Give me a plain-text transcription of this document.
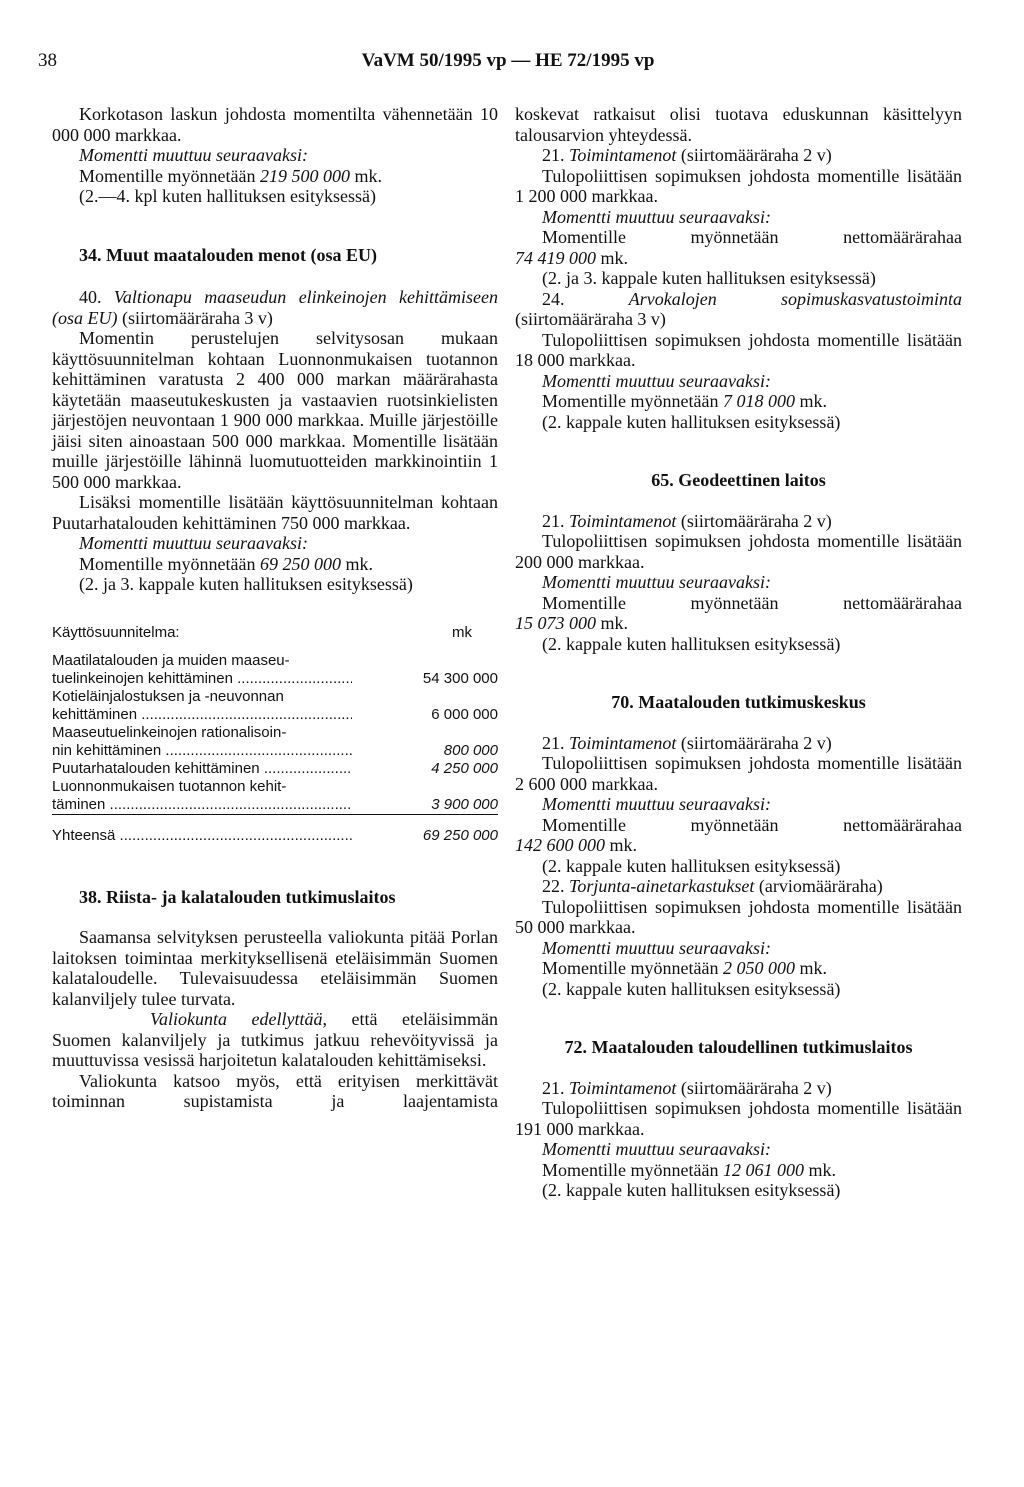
38	VaVM 50/1995 vp — HE 72/1995 vp

Korkotason laskun johdosta momentilta vähennetään 10 000 000 markkaa.

Momentti muuttuu seuraavaksi:

Momentille myönnetään 219 500 000 mk.

(2.—4. kpl kuten hallituksen esityksessä)

34. Muut maatalouden menot (osa EU)

40. Valtionapu maaseudun elinkeinojen kehittämiseen (osa EU) (siirtomääräraha 3 v)

Momentin perustelujen selvitysosan mukaan käyttösuunnitelman kohtaan Luonnonmukaisen tuotannon kehittäminen varatusta 2 400 000 markan määrärahasta käytetään maaseutukeskusten ja vastaavien ruotsinkielisten järjestöjen neuvontaan 1 900 000 markkaa. Muille järjestöille jäisi siten ainoastaan 500 000 markkaa. Momentille lisätään muille järjestöille lähinnä luomutuotteiden markkinointiin 1 500 000 markkaa.

Lisäksi momentille lisätään käyttösuunnitelman kohtaan Puutarhatalouden kehittäminen 750 000 markkaa.

Momentti muuttuu seuraavaksi:

Momentille myönnetään 69 250 000 mk.

(2. ja 3. kappale kuten hallituksen esityksessä)

Käyttösuunnitelma:	mk
Maatilatalouden ja muiden maaseu-
tuelinkeinojen kehittäminen .....	54 300 000
Kotieläinjalostuksen ja -neuvonnan
kehittäminen .....	6 000 000
Maaseutuelinkeinojen rationalisoin-
nin kehittäminen .....	800 000
Puutarhatalouden kehittäminen .....	4 250 000
Luonnonmukaisen tuotannon kehit-
täminen .....	3 900 000
Yhteensä .....	69 250 000

38. Riista- ja kalatalouden tutkimuslaitos

Saamansa selvityksen perusteella valiokunta pitää Porlan laitoksen toimintaa merkityksellisenä eteläisimmän Suomen kalataloudelle. Tulevaisuudessa eteläisimmän Suomen kalanviljely tulee turvata.

Valiokunta edellyttää, että eteläisimmän Suomen kalanviljely ja tutkimus jatkuu rehevöityvissä ja muuttuvissa vesissä harjoitetun kalatalouden kehittämiseksi.

Valiokunta katsoo myös, että erityisen merkittävät toiminnan supistamista ja laajentamista

koskevat ratkaisut olisi tuotava eduskunnan käsittelyyn talousarvion yhteydessä.

21. Toimintamenot (siirtomääräraha 2 v)

Tulopoliittisen sopimuksen johdosta momentille lisätään 1 200 000 markkaa.

Momentti muuttuu seuraavaksi:

Momentille myönnetään nettomäärärahaa

74 419 000 mk.

(2. ja 3. kappale kuten hallituksen esityksessä)

24. Arvokalojen sopimuskasvatustoiminta (siirtomääräraha 3 v)

Tulopoliittisen sopimuksen johdosta momentille lisätään 18 000 markkaa.

Momentti muuttuu seuraavaksi:

Momentille myönnetään 7 018 000 mk.

(2. kappale kuten hallituksen esityksessä)

65. Geodeettinen laitos

21. Toimintamenot (siirtomääräraha 2 v)

Tulopoliittisen sopimuksen johdosta momentille lisätään 200 000 markkaa.

Momentti muuttuu seuraavaksi:

Momentille myönnetään nettomäärärahaa

15 073 000 mk.

(2. kappale kuten hallituksen esityksessä)

70. Maatalouden tutkimuskeskus

21. Toimintamenot (siirtomääräraha 2 v)

Tulopoliittisen sopimuksen johdosta momentille lisätään 2 600 000 markkaa.

Momentti muuttuu seuraavaksi:

Momentille myönnetään nettomäärärahaa

142 600 000 mk.

(2. kappale kuten hallituksen esityksessä)

22. Torjunta-ainetarkastukset (arviomääräraha)

Tulopoliittisen sopimuksen johdosta momentille lisätään 50 000 markkaa.

Momentti muuttuu seuraavaksi:

Momentille myönnetään 2 050 000 mk.

(2. kappale kuten hallituksen esityksessä)

72. Maatalouden taloudellinen tutkimuslaitos

21. Toimintamenot (siirtomääräraha 2 v)

Tulopoliittisen sopimuksen johdosta momentille lisätään 191 000 markkaa.

Momentti muuttuu seuraavaksi:

Momentille myönnetään 12 061 000 mk.

(2. kappale kuten hallituksen esityksessä)
